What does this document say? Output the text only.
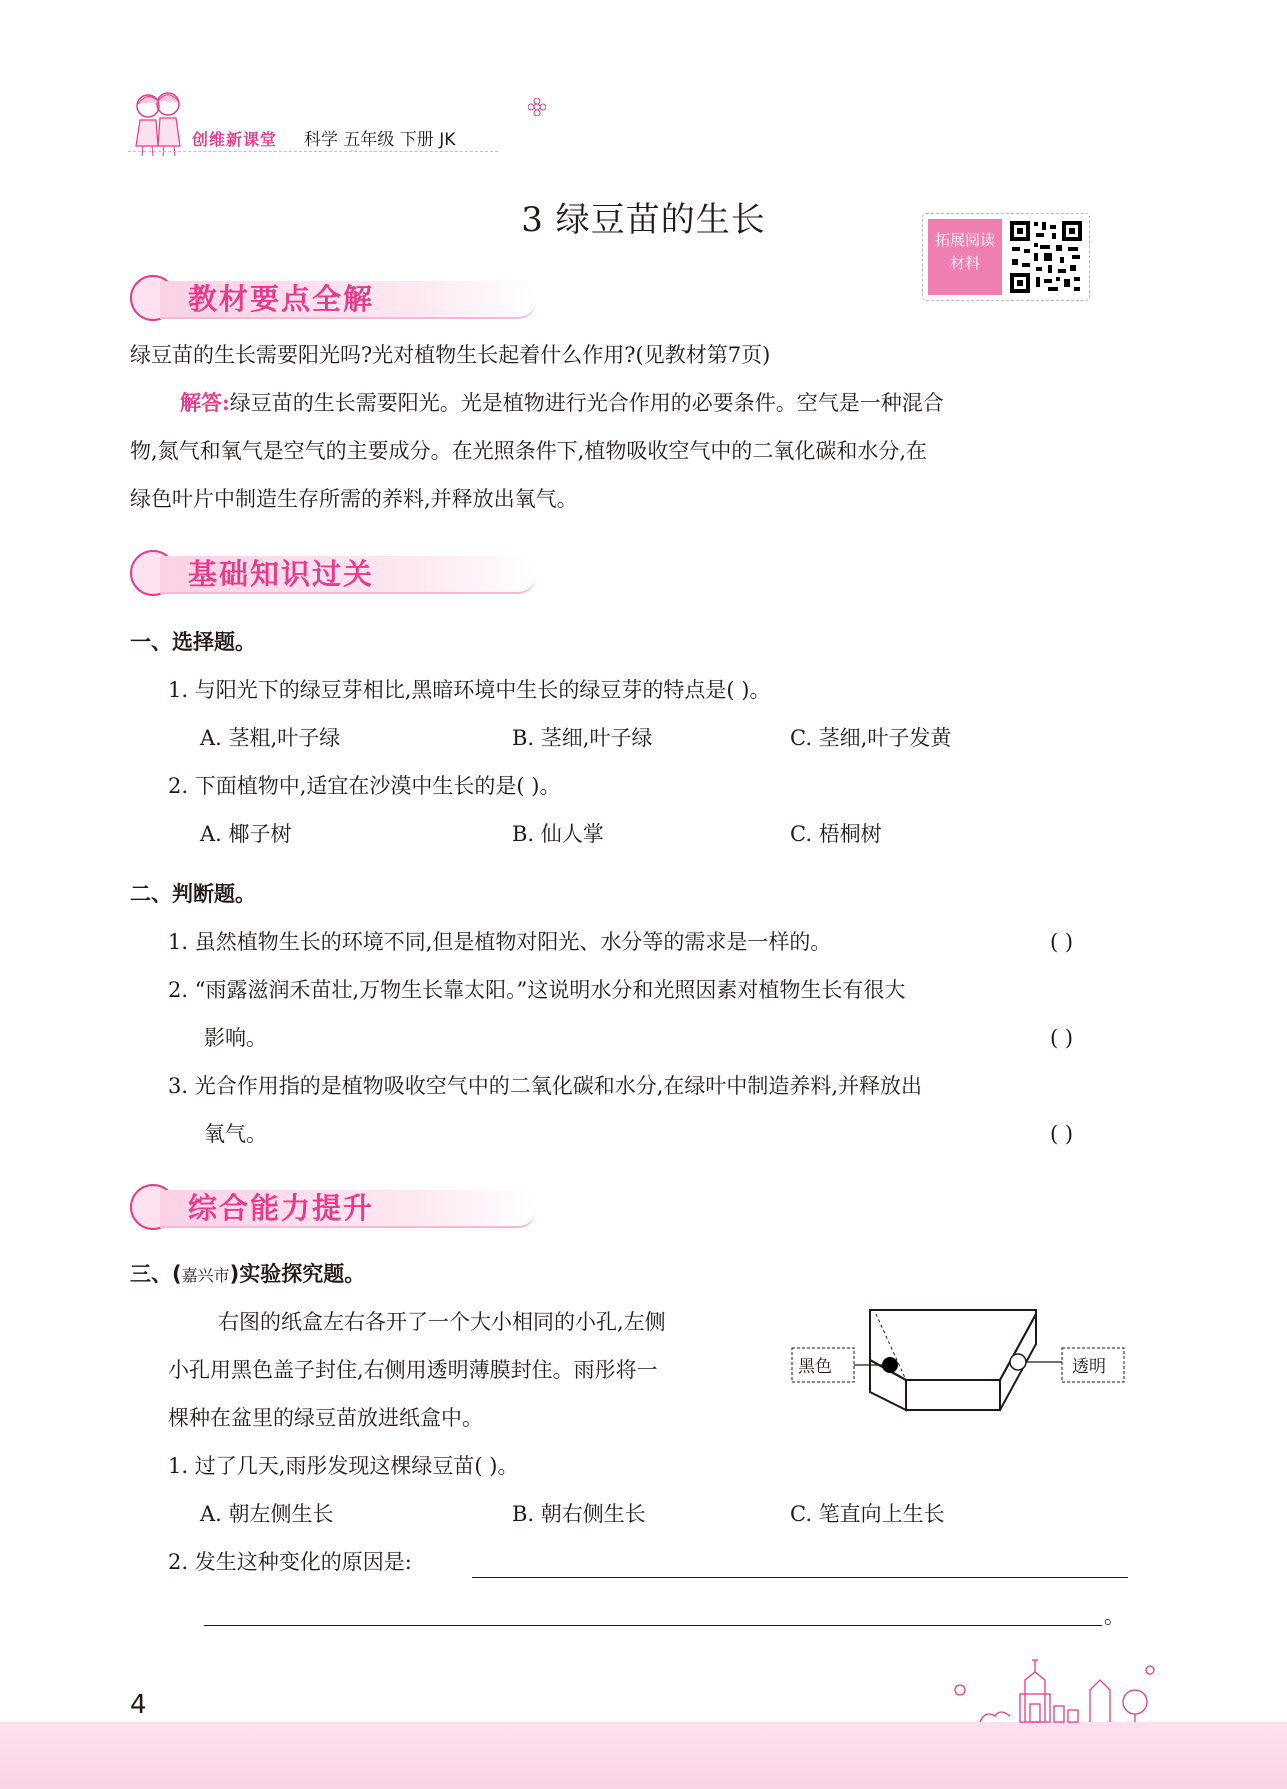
创维新课堂 科学 五年级 下册 JK
3 绿豆苗的生长	拓展阅读
材料
教材要点全解
绿豆苗的生长需要阳光吗?光对植物生长起着什么作用?(见教材第7页)
解答:绿豆苗的生长需要阳光。光是植物进行光合作用的必要条件。空气是一种混合
物,氮气和氧气是空气的主要成分。在光照条件下,植物吸收空气中的二氧化碳和水分,在
绿色叶片中制造生存所需的养料,并释放出氧气。
基础知识过关
一、选择题。
1. 与阳光下的绿豆芽相比,黑暗环境中生长的绿豆芽的特点是( )。
A. 茎粗,叶子绿	B. 茎细,叶子绿	C. 茎细,叶子发黄
2. 下面植物中,适宜在沙漠中生长的是( )。
A. 椰子树	B. 仙人掌	C. 梧桐树
二、判断题。
1. 虽然植物生长的环境不同,但是植物对阳光、水分等的需求是一样的。	( )
2. “雨露滋润禾苗壮,万物生长靠太阳。”这说明水分和光照因素对植物生长有很大
影响。	( )
3. 光合作用指的是植物吸收空气中的二氧化碳和水分,在绿叶中制造养料,并释放出
氧气。	( )
综合能力提升
三、(嘉兴市)实验探究题。
右图的纸盒左右各开了一个大小相同的小孔,左侧
小孔用黑色盖子封住,右侧用透明薄膜封住。雨彤将一
棵种在盆里的绿豆苗放进纸盒中。
黑色	透明
1. 过了几天,雨彤发现这棵绿豆苗( )。
A. 朝左侧生长	B. 朝右侧生长	C. 笔直向上生长
2. 发生这种变化的原因是:
。
4
